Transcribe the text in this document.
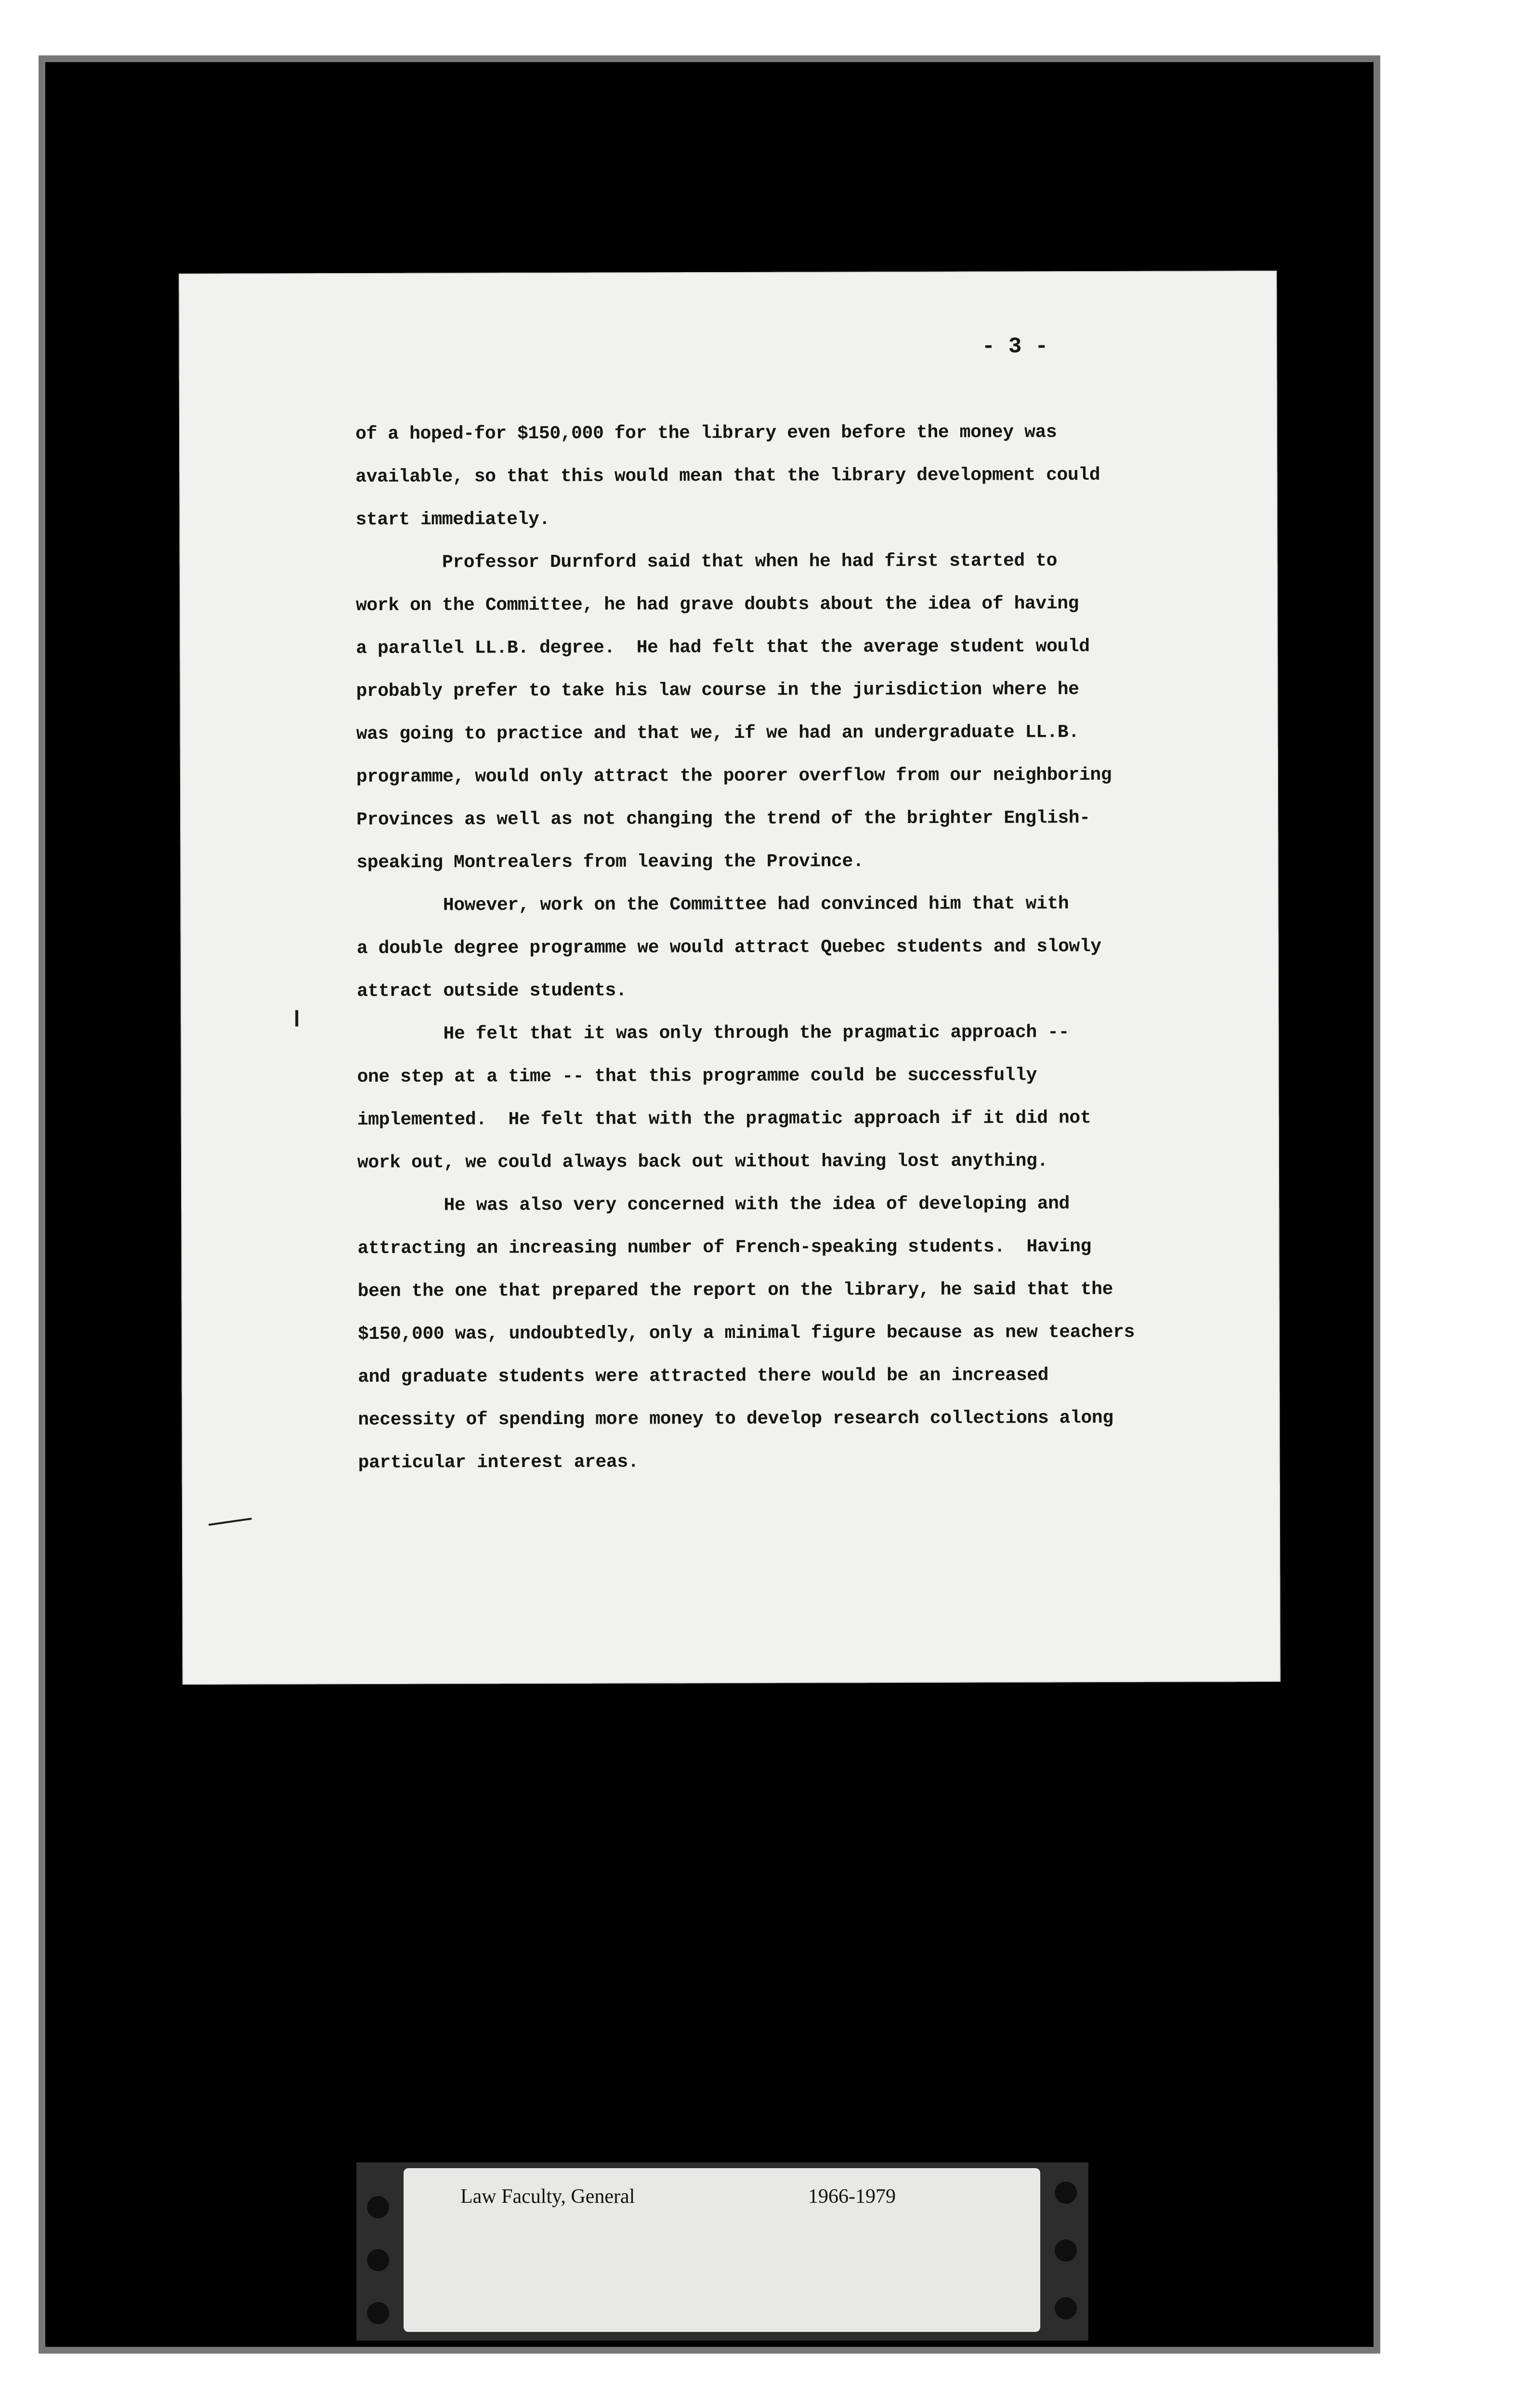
- 3 -
of a hoped-for $150,000 for the library even before the money was
available, so that this would mean that the library development could
start immediately.
Professor Durnford said that when he had first started to
work on the Committee, he had grave doubts about the idea of having
a parallel LL.B. degree.  He had felt that the average student would
probably prefer to take his law course in the jurisdiction where he
was going to practice and that we, if we had an undergraduate LL.B.
programme, would only attract the poorer overflow from our neighboring
Provinces as well as not changing the trend of the brighter English-
speaking Montrealers from leaving the Province.
However, work on the Committee had convinced him that with
a double degree programme we would attract Quebec students and slowly
attract outside students.
He felt that it was only through the pragmatic approach --
one step at a time -- that this programme could be successfully
implemented.  He felt that with the pragmatic approach if it did not
work out, we could always back out without having lost anything.
He was also very concerned with the idea of developing and
attracting an increasing number of French-speaking students.  Having
been the one that prepared the report on the library, he said that the
$150,000 was, undoubtedly, only a minimal figure because as new teachers
and graduate students were attracted there would be an increased
necessity of spending more money to develop research collections along
particular interest areas.
Law Faculty, General	1966-1979
